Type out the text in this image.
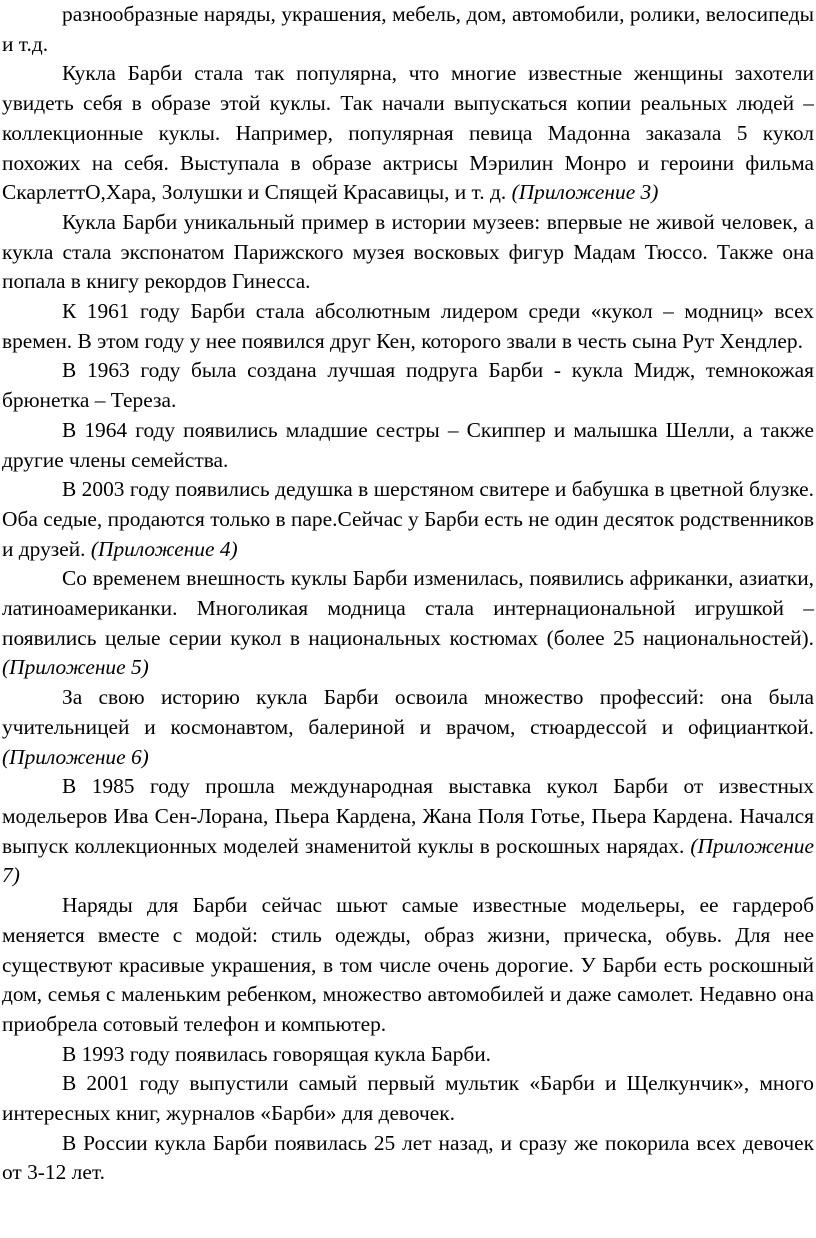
разнообразные наряды, украшения, мебель, дом, автомобили, ролики, велосипеды и т.д.

Кукла Барби стала так популярна, что многие известные женщины захотели увидеть себя в образе этой куклы. Так начали выпускаться копии реальных людей – коллекционные куклы. Например, популярная певица Мадонна заказала 5 кукол похожих на себя. Выступала в образе актрисы Мэрилин Монро и героини фильма СкарлеттО,Хара, Золушки и Спящей Красавицы, и т. д. (Приложение 3)

Кукла Барби уникальный пример в истории музеев: впервые не живой человек, а кукла стала экспонатом Парижского музея восковых фигур Мадам Тюссо. Также она попала в книгу рекордов Гинесса.

К 1961 году Барби стала абсолютным лидером среди «кукол – модниц» всех времен. В этом году у нее появился друг Кен, которого звали в честь сына Рут Хендлер.

В 1963 году была создана лучшая подруга Барби - кукла Мидж, темнокожая брюнетка – Тереза.

В 1964 году появились младшие сестры – Скиппер и малышка Шелли, а также другие члены семейства.

В 2003 году появились дедушка в шерстяном свитере и бабушка в цветной блузке. Оба седые, продаются только в паре.Сейчас у Барби есть не один десяток родственников и друзей. (Приложение 4)

Со временем внешность куклы Барби изменилась, появились африканки, азиатки, латиноамериканки. Многоликая модница стала интернациональной игрушкой – появились целые серии кукол в национальных костюмах (более 25 национальностей). (Приложение 5)

За свою историю кукла Барби освоила множество профессий: она была учительницей и космонавтом, балериной и врачом, стюардессой и официанткой. (Приложение 6)

В 1985 году прошла международная выставка кукол Барби от известных модельеров Ива Сен-Лорана, Пьера Кардена, Жана Поля Готье, Пьера Кардена. Начался выпуск коллекционных моделей знаменитой куклы в роскошных нарядах. (Приложение 7)

Наряды для Барби сейчас шьют самые известные модельеры, ее гардероб меняется вместе с модой: стиль одежды, образ жизни, прическа, обувь. Для нее существуют красивые украшения, в том числе очень дорогие. У Барби есть роскошный дом, семья с маленьким ребенком, множество автомобилей и даже самолет. Недавно она приобрела сотовый телефон и компьютер.

В 1993 году появилась говорящая кукла Барби.

В 2001 году выпустили самый первый мультик «Барби и Щелкунчик», много интересных книг, журналов «Барби» для девочек.

В России кукла Барби появилась 25 лет назад, и сразу же покорила всех девочек от 3-12 лет.
